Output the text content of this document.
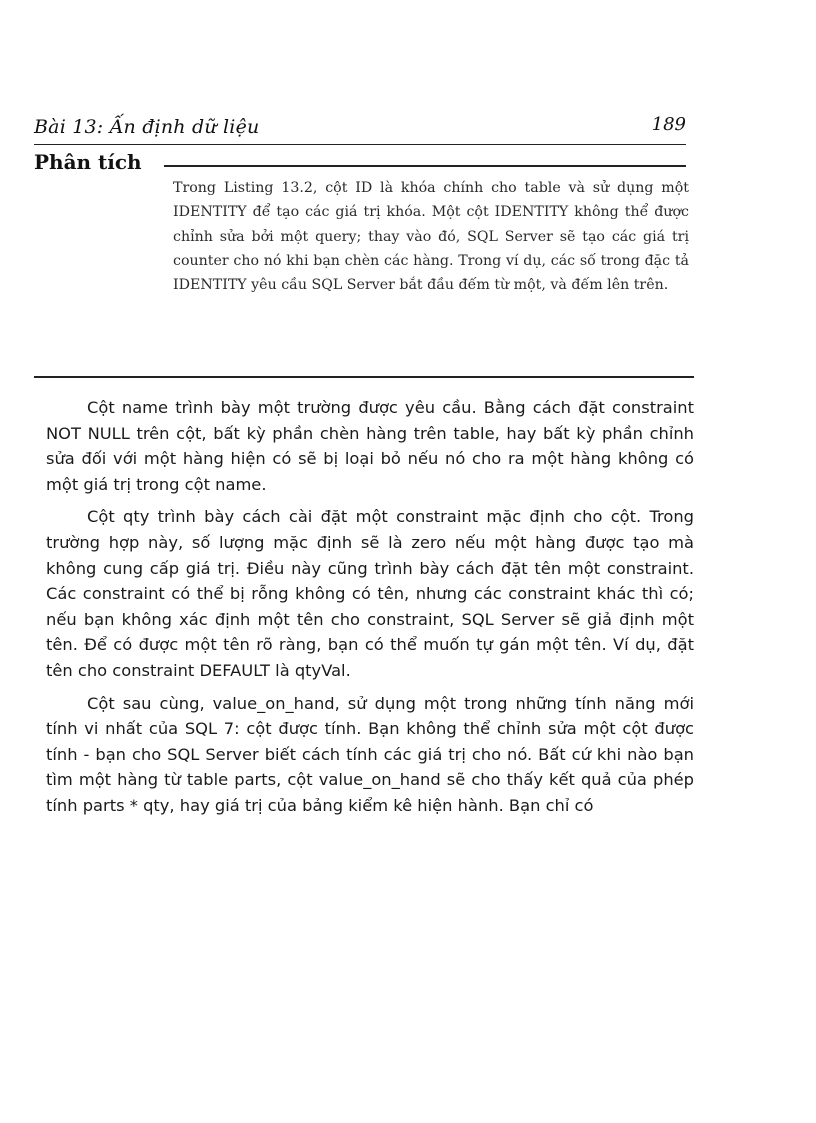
Bài 13: Ấn định dữ liệu	189
Phân tích

Trong Listing 13.2, cột ID là khóa chính cho table và sử dụng một IDENTITY để tạo các giá trị khóa. Một cột IDENTITY không thể được chỉnh sửa bởi một query; thay vào đó, SQL Server sẽ tạo các giá trị counter cho nó khi bạn chèn các hàng. Trong ví dụ, các số trong đặc tả IDENTITY yêu cầu SQL Server bắt đầu đếm từ một, và đếm lên trên.

Cột name trình bày một trường được yêu cầu. Bằng cách đặt constraint NOT NULL trên cột, bất kỳ phần chèn hàng trên table, hay bất kỳ phần chỉnh sửa đối với một hàng hiện có sẽ bị loại bỏ nếu nó cho ra một hàng không có một giá trị trong cột name.

Cột qty trình bày cách cài đặt một constraint mặc định cho cột. Trong trường hợp này, số lượng mặc định sẽ là zero nếu một hàng được tạo mà không cung cấp giá trị. Điều này cũng trình bày cách đặt tên một constraint. Các constraint có thể bị rỗng không có tên, nhưng các constraint khác thì có; nếu bạn không xác định một tên cho constraint, SQL Server sẽ giả định một tên. Để có được một tên rõ ràng, bạn có thể muốn tự gán một tên. Ví dụ, đặt tên cho constraint DEFAULT là qtyVal.

Cột sau cùng, value_on_hand, sử dụng một trong những tính năng mới tính vi nhất của SQL 7: cột được tính. Bạn không thể chỉnh sửa một cột được tính - bạn cho SQL Server biết cách tính các giá trị cho nó. Bất cứ khi nào bạn tìm một hàng từ table parts, cột value_on_hand sẽ cho thấy kết quả của phép tính parts * qty, hay giá trị của bảng kiểm kê hiện hành. Bạn chỉ có
